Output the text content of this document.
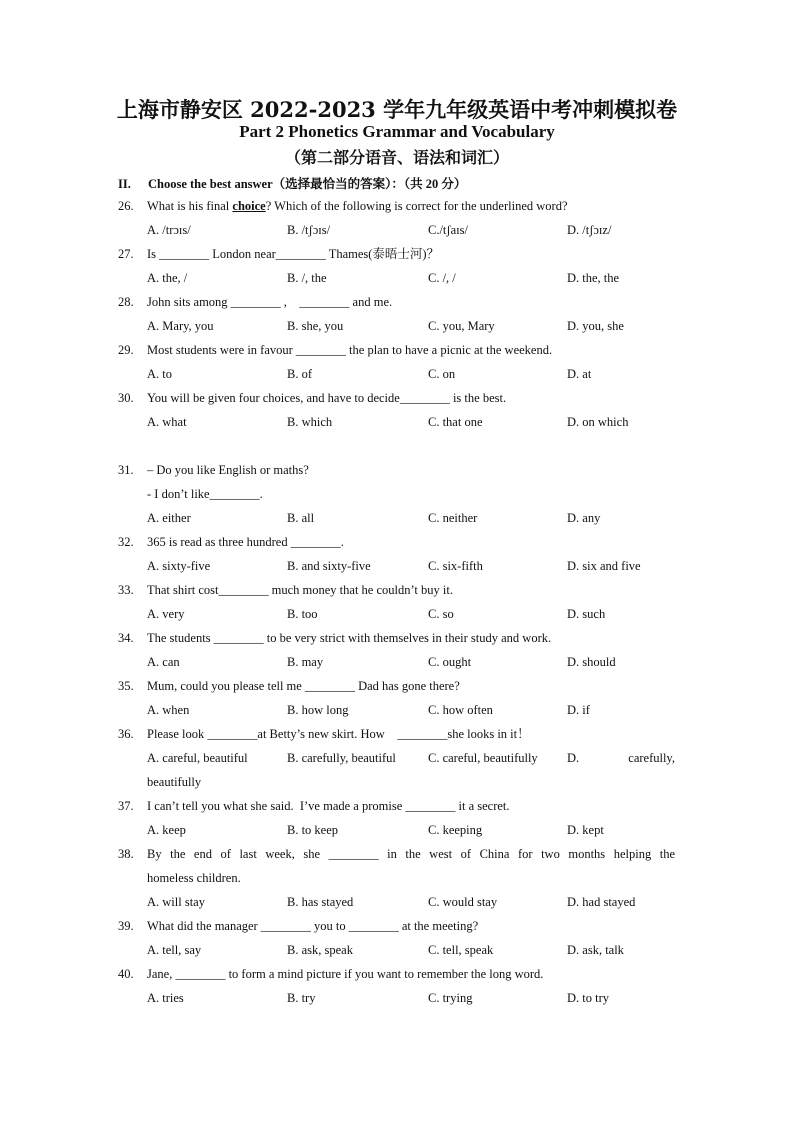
上海市静安区 2022-2023 学年九年级英语中考冲刺模拟卷
Part 2 Phonetics Grammar and Vocabulary
（第二部分语音、语法和词汇）
II. Choose the best answer（选择最恰当的答案）：（共 20 分）
26. What is his final choice? Which of the following is correct for the underlined word?
A. /trɔɪs/	B. /tʃɔɪs/	C./tʃaɪs/	D. /tʃɔɪz/
27. Is ________ London near________ Thames(泰晤士河)？
A. the, /	B. /, the	C. /, /	D. the, the
28. John sits among ________ ,    ________ and me.
A. Mary, you	B. she, you	C. you, Mary	D. you, she
29. Most students were in favour ________ the plan to have a picnic at the weekend.
A. to	B. of	C. on	D. at
30. You will be given four choices, and have to decide________ is the best.
A. what	B. which	C. that one	D. on which
31. – Do you like English or maths?
- I don’t like________.
A. either	B. all	C. neither	D. any
32. 365 is read as three hundred ________.
A. sixty-five	B. and sixty-five	C. six-fifth	D. six and five
33. That shirt cost________ much money that he couldn’t buy it.
A. very	B. too	C. so	D. such
34. The students ________ to be very strict with themselves in their study and work.
A. can	B. may	C. ought	D. should
35. Mum, could you please tell me ________ Dad has gone there?
A. when	B. how long	C. how often	D. if
36. Please look ________at Betty’s new skirt. How    ________she looks in it！
A. careful, beautiful	B. carefully, beautiful	C. careful, beautifully D.	carefully,
beautifully
37. I can’t tell you what she said.  I’ve made a promise ________ it a secret.
A. keep	B. to keep	C. keeping	D. kept
38. By the end of last week, she ________ in the west of China for two months helping the
homeless children.
A. will stay	B. has stayed	C. would stay	D. had stayed
39. What did the manager ________ you to ________ at the meeting?
A. tell, say	B. ask, speak	C. tell, speak	D. ask, talk
40. Jane, ________ to form a mind picture if you want to remember the long word.
A. tries	B. try	C. trying	D. to try
